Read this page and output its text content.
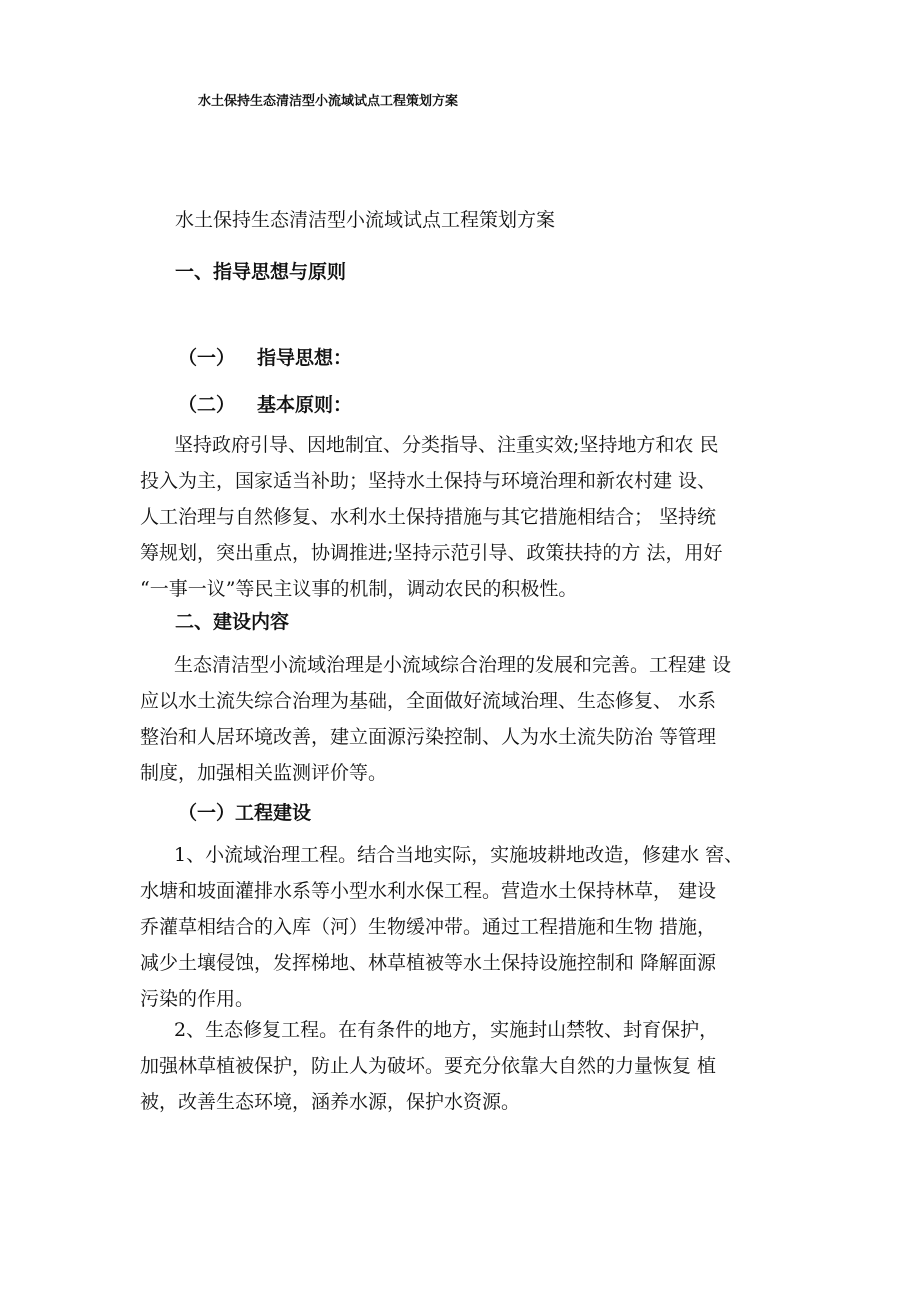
水土保持生态清洁型小流域试点工程策划方案
水土保持生态清洁型小流域试点工程策划方案
一、指导思想与原则
（一） 指导思想：
（二） 基本原则：

坚持政府引导、因地制宜、分类指导、注重实效;坚持地方和农 民
投入为主，国家适当补助；坚持水土保持与环境治理和新农村建 设、
人工治理与自然修复、水利水土保持措施与其它措施相结合； 坚持统
筹规划，突出重点，协调推进;坚持示范引导、政策扶持的方 法，用好
“一事一议”等民主议事的机制，调动农民的积极性。

二、建设内容

生态清洁型小流域治理是小流域综合治理的发展和完善。工程建 设
应以水土流失综合治理为基础，全面做好流域治理、生态修复、 水系
整治和人居环境改善，建立面源污染控制、人为水土流失防治 等管理
制度，加强相关监测评价等。

（一）工程建设

1、小流域治理工程。结合当地实际，实施坡耕地改造，修建水 窖、
水塘和坡面灌排水系等小型水利水保工程。营造水土保持林草， 建设
乔灌草相结合的入库（河）生物缓冲带。通过工程措施和生物 措施，
减少土壤侵蚀，发挥梯地、林草植被等水土保持设施控制和 降解面源
污染的作用。

2、生态修复工程。在有条件的地方，实施封山禁牧、封育保护，
加强林草植被保护，防止人为破坏。要充分依靠大自然的力量恢复 植
被，改善生态环境，涵养水源，保护水资源。
